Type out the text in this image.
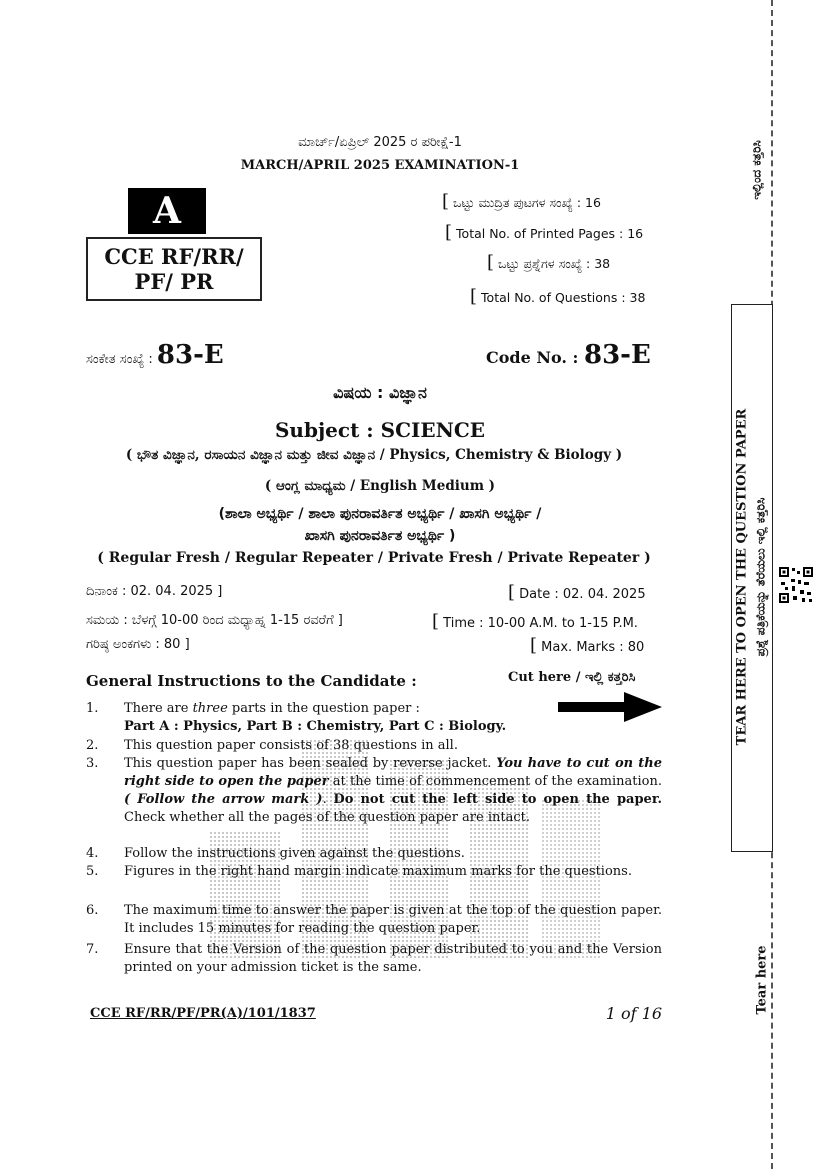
ಮಾರ್ಚ್/ಏಪ್ರಿಲ್ 2025 ರ ಪರೀಕ್ಷೆ-1
MARCH/APRIL 2025 EXAMINATION-1
A
CCE RF/RR/
PF/ PR
[ ಒಟ್ಟು ಮುದ್ರಿತ ಪುಟಗಳ ಸಂಖ್ಯೆ : 16
[ Total No. of Printed Pages : 16
[ ಒಟ್ಟು ಪ್ರಶ್ನೆಗಳ ಸಂಖ್ಯೆ : 38
[ Total No. of Questions : 38
ಸಂಕೇತ ಸಂಖ್ಯೆ : 83-E	Code No. : 83-E
ವಿಷಯ : ವಿಜ್ಞಾನ
Subject : SCIENCE
( ಭೌತ ವಿಜ್ಞಾನ, ರಸಾಯನ ವಿಜ್ಞಾನ ಮತ್ತು ಜೀವ ವಿಜ್ಞಾನ / Physics, Chemistry & Biology )
( ಆಂಗ್ಲ ಮಾಧ್ಯಮ / English Medium )
(ಶಾಲಾ ಅಭ್ಯರ್ಥಿ / ಶಾಲಾ ಪುನರಾವರ್ತಿತ ಅಭ್ಯರ್ಥಿ / ಖಾಸಗಿ ಅಭ್ಯರ್ಥಿ /
ಖಾಸಗಿ ಪುನರಾವರ್ತಿತ ಅಭ್ಯರ್ಥಿ )
( Regular Fresh / Regular Repeater / Private Fresh / Private Repeater )
ದಿನಾಂಕ : 02. 04. 2025 ]	[ Date : 02. 04. 2025
ಸಮಯ : ಬೆಳಗ್ಗೆ 10-00 ರಿಂದ ಮಧ್ಯಾಹ್ನ 1-15 ರವರೆಗೆ ]	[ Time : 10-00 A.M. to 1-15 P.M.
ಗರಿಷ್ಠ ಅಂಕಗಳು : 80 ]	[ Max. Marks : 80
General Instructions to the Candidate :	Cut here / ಇಲ್ಲಿ ಕತ್ತರಿಸಿ
1.	There are three parts in the question paper :
Part A : Physics, Part B : Chemistry, Part C : Biology.
2.	This question paper consists of 38 questions in all.
3.	This question paper has been sealed by reverse jacket. You have to cut on the right side to open the paper at the time of commencement of the examination. ( Follow the arrow mark ). Do not cut the left side to open the paper. Check whether all the pages of the question paper are intact.
4.	Follow the instructions given against the questions.
5.	Figures in the right hand margin indicate maximum marks for the questions.
6.	The maximum time to answer the paper is given at the top of the question paper. It includes 15 minutes for reading the question paper.
7.	Ensure that the Version of the question paper distributed to you and the Version printed on your admission ticket is the same.
CCE RF/RR/PF/PR(A)/101/1837	1 of 16
TEAR HERE TO OPEN THE QUESTION PAPER ಪ್ರಶ್ನೆ ಪತ್ರಿಕೆಯನ್ನು ತೆರೆಯಲು ಇಲ್ಲಿ ಕತ್ತರಿಸಿ
ಇಲ್ಲಿಂದ ಕತ್ತರಿಸಿ
Tear here
